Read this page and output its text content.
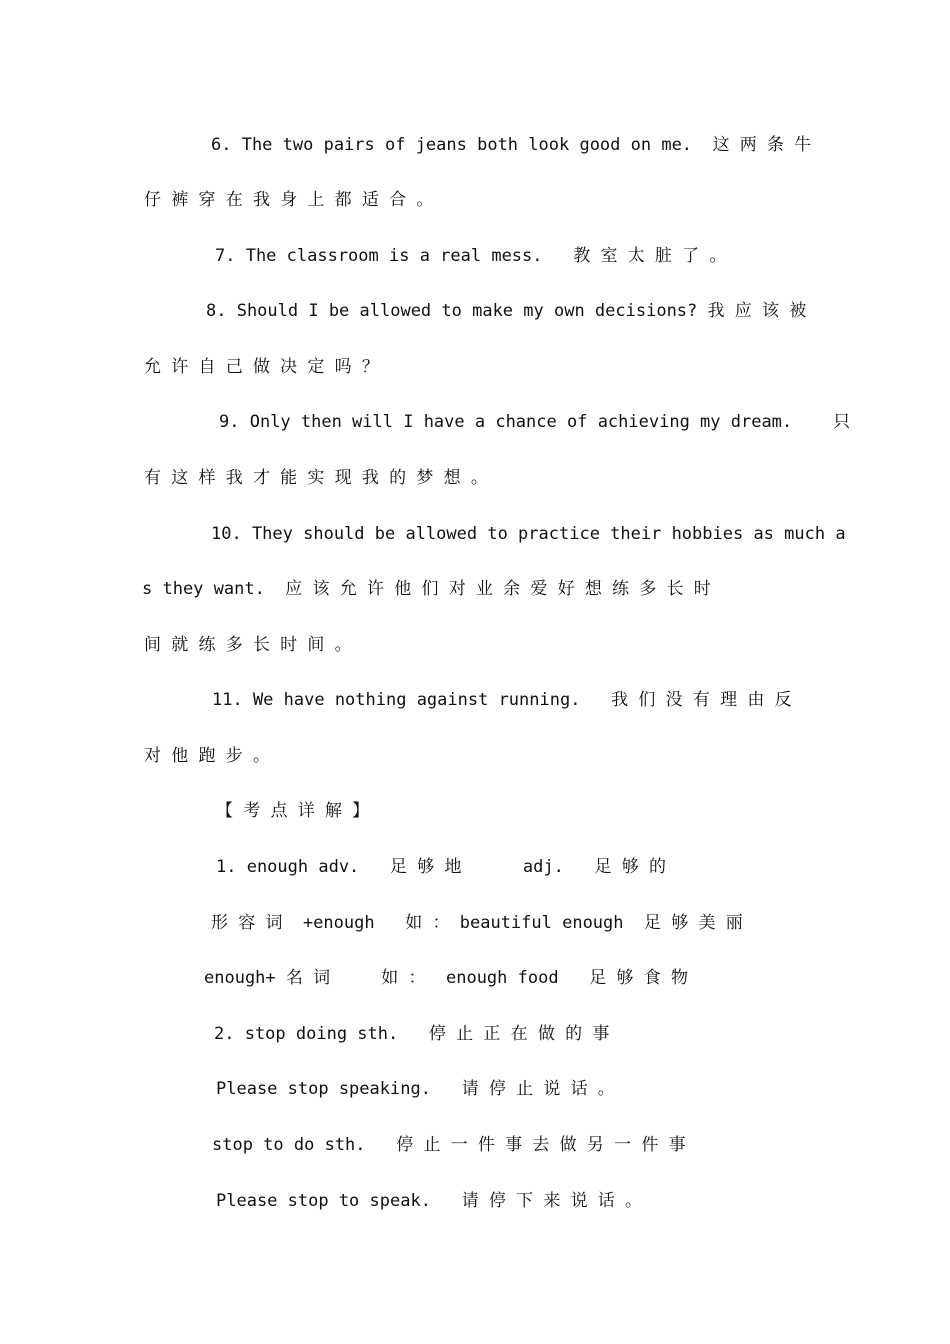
6. The two pairs of jeans both look good on me.  这 两 条 牛
仔 裤 穿 在 我 身 上 都 适 合 。
7. The classroom is a real mess.   教 室 太 脏 了 。
8. Should I be allowed to make my own decisions? 我 应 该 被
允 许 自 己 做 决 定 吗 ？
9. Only then will I have a chance of achieving my dream.    只
有 这 样 我 才 能 实 现 我 的 梦 想 。
10. They should be allowed to practice their hobbies as much a
s they want.  应 该 允 许 他 们 对 业 余 爱 好 想 练 多 长 时
间 就 练 多 长 时 间 。
11. We have nothing against running.   我 们 没 有 理 由 反
对 他 跑 步 。
【 考 点 详 解 】
1. enough adv.   足 够 地      adj.   足 够 的
形 容 词  +enough   如 ： beautiful enough  足 够 美 丽
enough+ 名 词     如 ：  enough food   足 够 食 物
2. stop doing sth.   停 止 正 在 做 的 事
Please stop speaking.   请 停 止 说 话 。
stop to do sth.   停 止 一 件 事 去 做 另 一 件 事
Please stop to speak.   请 停 下 来 说 话 。
